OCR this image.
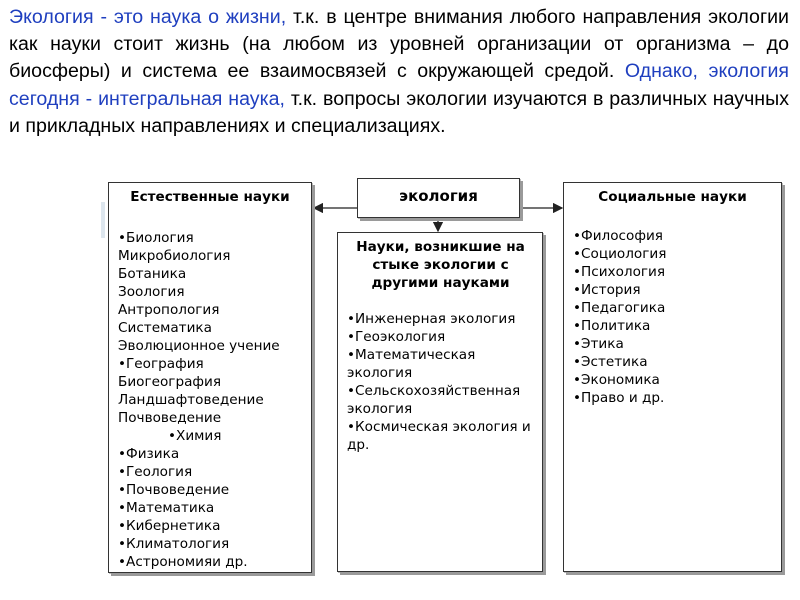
Экология - это наука о жизни, т.к. в центре внимания любого направления экологии как науки стоит жизнь (на любом из уровней организации от организма – до биосферы) и система ее взаимосвязей с окружающей средой. Однако, экология сегодня - интегральная наука, т.к. вопросы экологии изучаются в различных научных и прикладных направлениях и специализациях.

экология
Естественные науки
•Биология
Микробиология
Ботаника
Зоология
Антропология
Систематика
Эволюционное учение
•География
Биогеография
Ландшафтоведение
Почвоведение
•Химия
•Физика
•Геология
•Почвоведение
•Математика
•Кибернетика
•Климатология
•Астрономияи др.
Науки, возникшие на стыке экологии с другими науками
•Инженерная экология
•Геоэкология
•Математическая экология
•Сельскохозяйственная экология
•Космическая экология и др.
Социальные науки
•Философия
•Социология
•Психология
•История
•Педагогика
•Политика
•Этика
•Эстетика
•Экономика
•Право и др.
